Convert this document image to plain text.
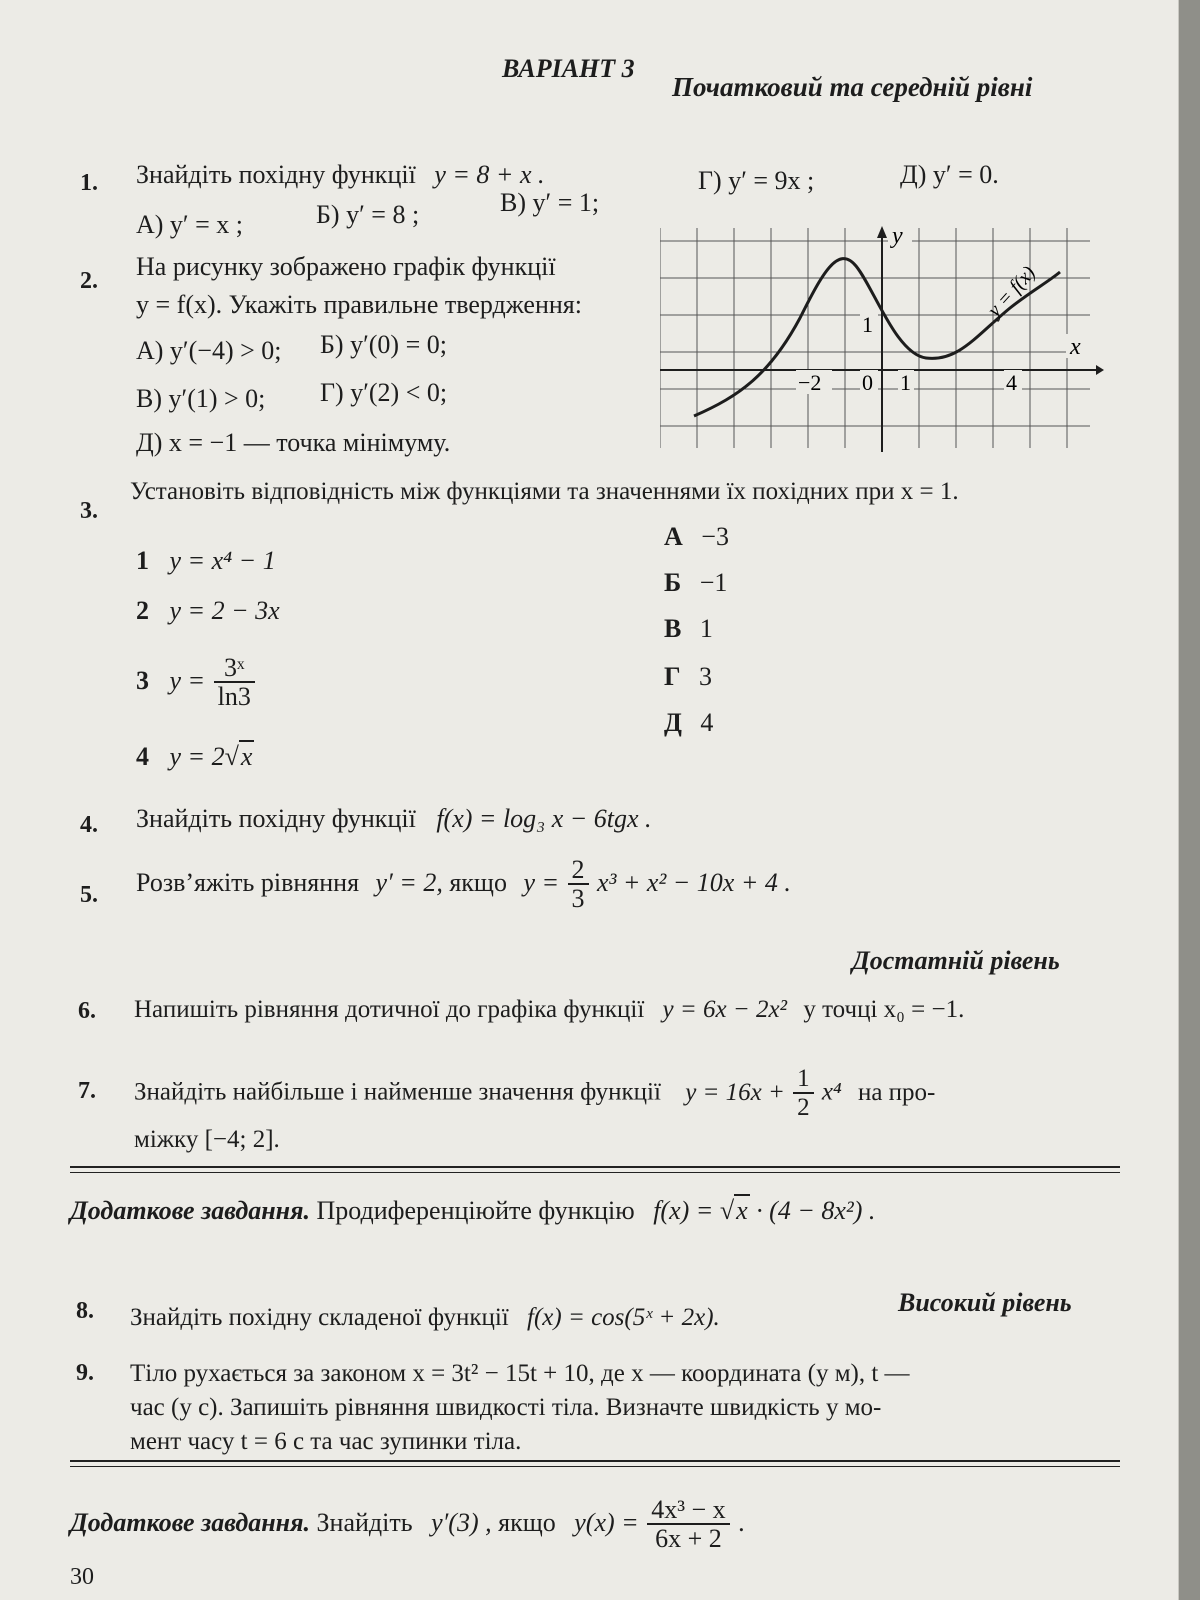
ВАРІАНТ 3
Початковий та середній рівні
1. Знайдіть похідну функції y = 8 + x .
А) y′ = x ;	Б) y′ = 8 ;	В) y′ = 1;
Г) y′ = 9x ;	Д) y′ = 0.
2. На рисунку зображено графік функції
y = f(x). Укажіть правильне твердження:
А) y′(−4) > 0; Б) y′(0) = 0;
В) y′(1) > 0; Г) y′(2) < 0;
Д) x = −1 — точка мінімуму.
y
x
y = f(x)
−2 0 1	4
1
3.
Установіть відповідність між функціями та значеннями їх похідних при x = 1.
1 y = x⁴ − 1
2 y = 2 − 3x
3 $y = \frac{\text{3ˣ}}{\ln 3}$
4 y = 2√x
А −3
Б −1
В 1
Г 3
Д 4
4. Знайдіть похідну функції f(x) = log₃ x − 6tgx .
5. Розв’яжіть рівняння y′ = 2, якщо $y = \frac{2}{3} x^3 + x^2 - 10x + 4$ .
Достатній рівень
6. Напишіть рівняння дотичної до графіка функції y = 6x − 2x² у точці x₀ = −1.
7. Знайдіть найбільше і найменше значення функції $y = 16x + \frac{1}{2} x^4$ на про-
міжку [−4; 2].
Додаткове завдання. Продиференціюйте функцію f(x) = √x · (4 − 8x²) .
Високий рівень
8. Знайдіть похідну складеної функції f(x) = cos(5ˣ + 2x).
9. Тіло рухається за законом x = 3t² − 15t + 10, де x — координата (у м), t —
час (у с). Запишіть рівняння швидкості тіла. Визначте швидкість у мо-
мент часу t = 6 с та час зупинки тіла.
Додаткове завдання. Знайдіть y′(3) , якщо $y(x) = \frac{\text{4x³ − x}}{6x + 2}$ .
30
